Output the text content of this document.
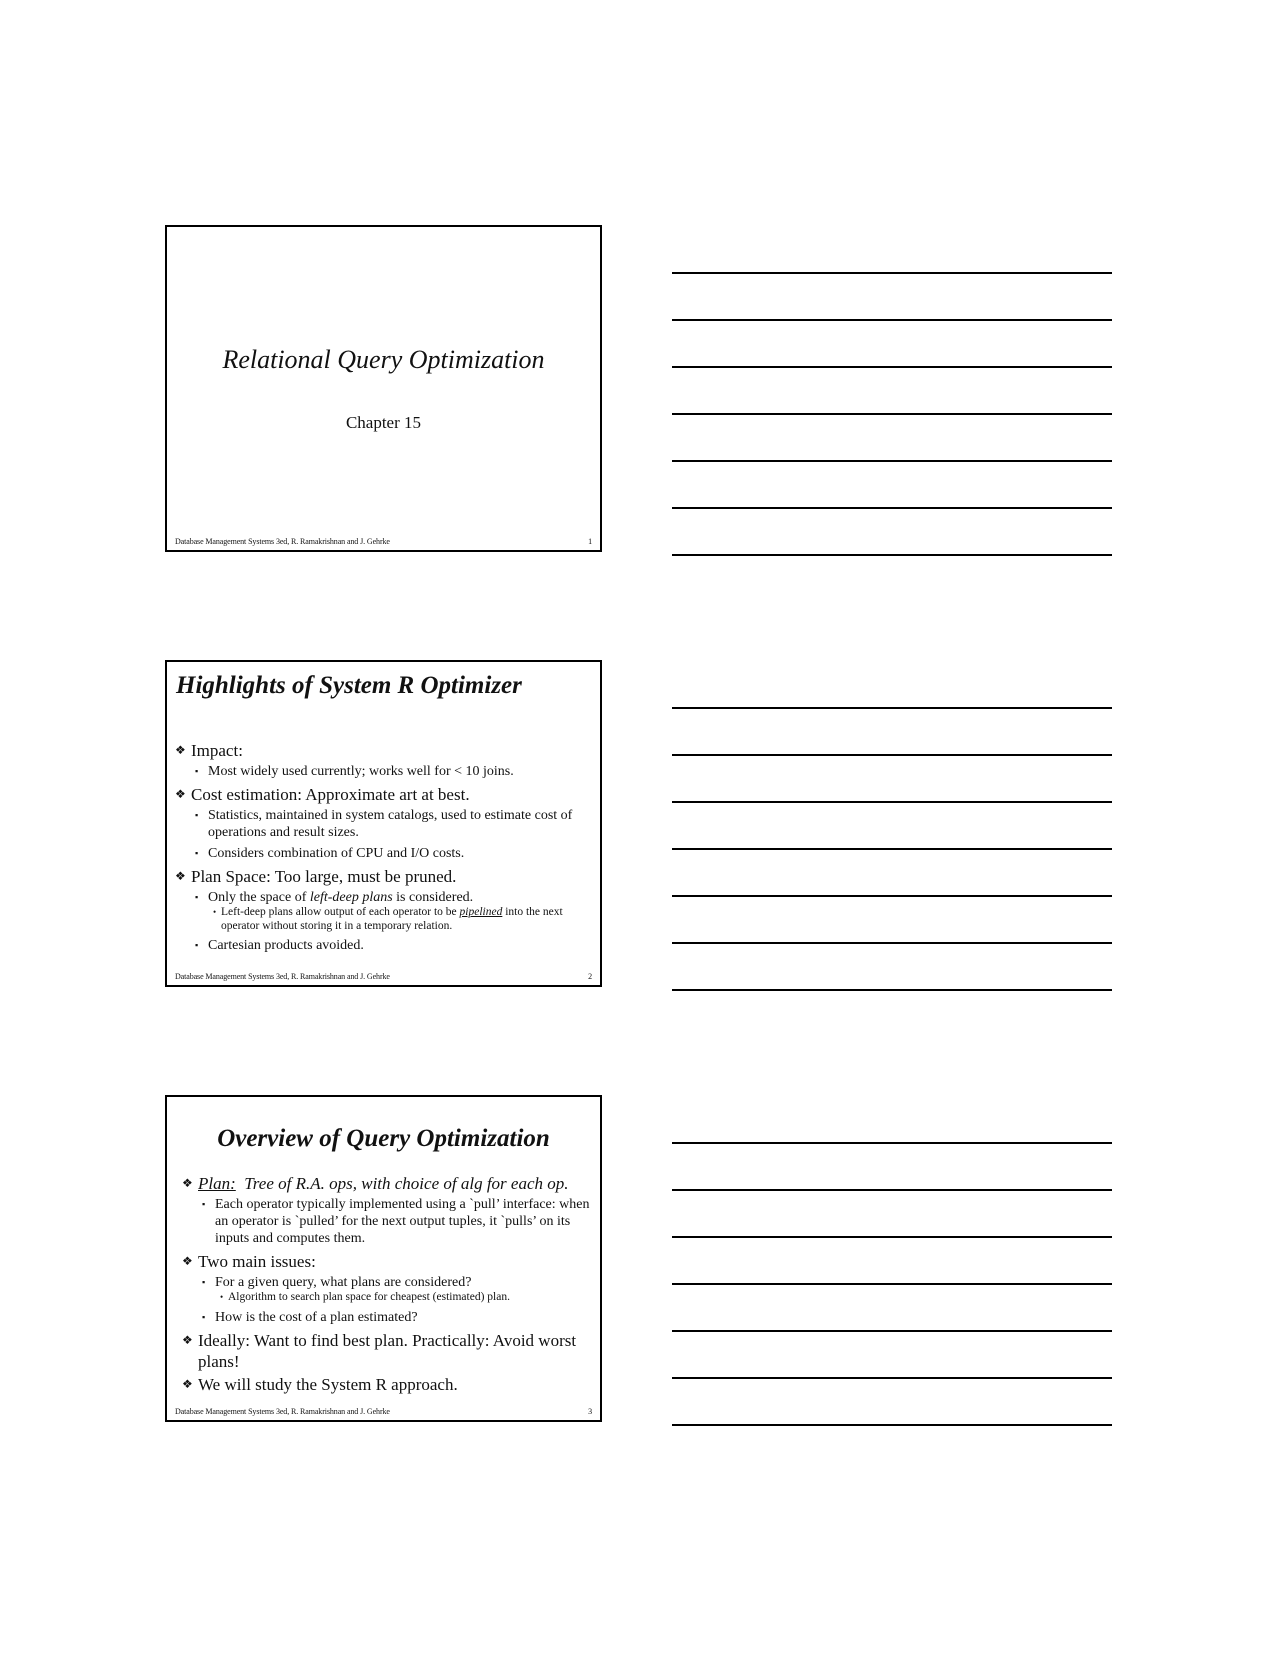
Relational Query Optimization
Chapter 15
Database Management Systems 3ed, R. Ramakrishnan and J. Gehrke	1
Highlights of System R Optimizer
❖ Impact:
▪ Most widely used currently; works well for < 10 joins.
❖ Cost estimation: Approximate art at best.
▪ Statistics, maintained in system catalogs, used to estimate cost of operations and result sizes.
▪ Considers combination of CPU and I/O costs.
❖ Plan Space: Too large, must be pruned.
▪ Only the space of left-deep plans is considered.
• Left-deep plans allow output of each operator to be pipelined into the next operator without storing it in a temporary relation.
▪ Cartesian products avoided.
Database Management Systems 3ed, R. Ramakrishnan and J. Gehrke	2
Overview of Query Optimization
❖ Plan:  Tree of R.A. ops, with choice of alg for each op.
▪ Each operator typically implemented using a `pull’ interface: when an operator is `pulled’ for the next output tuples, it `pulls’ on its inputs and computes them.
❖ Two main issues:
▪ For a given query, what plans are considered?
• Algorithm to search plan space for cheapest (estimated) plan.
▪ How is the cost of a plan estimated?
❖ Ideally: Want to find best plan. Practically: Avoid worst plans!
❖ We will study the System R approach.
Database Management Systems 3ed, R. Ramakrishnan and J. Gehrke	3
